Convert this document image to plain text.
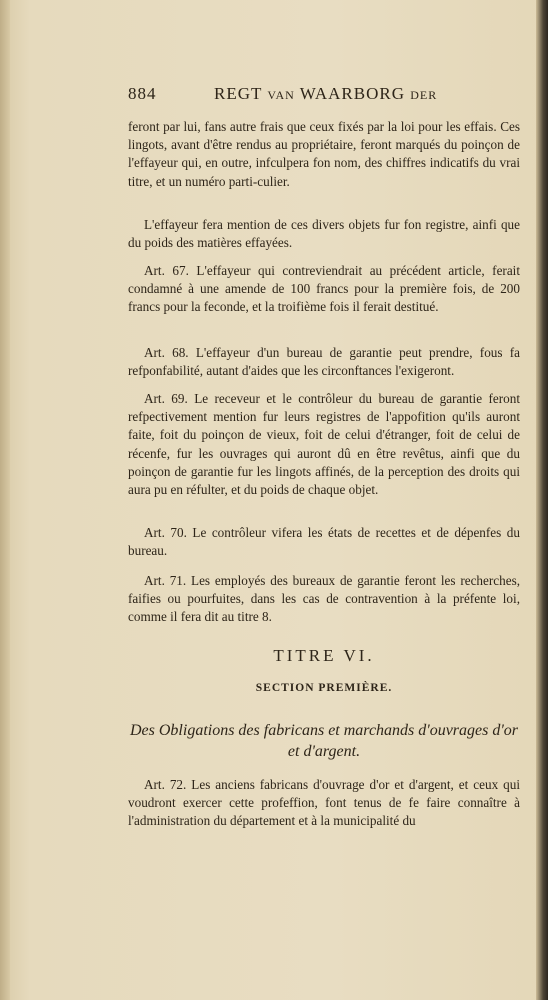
884	REGT van WAARBORG der

feront par lui, fans autre frais que ceux fixés par la loi pour les effais. Ces lingots, avant d'être rendus au propriétaire, feront marqués du poinçon de l'effayeur qui, en outre, infculpera fon nom, des chiffres indicatifs du vrai titre, et un numéro parti-culier.

L'effayeur fera mention de ces divers objets fur fon registre, ainfi que du poids des matières effayées.

Art. 67. L'effayeur qui contreviendrait au précédent article, ferait condamné à une amende de 100 francs pour la première fois, de 200 francs pour la feconde, et la troifième fois il ferait destitué.

Art. 68. L'effayeur d'un bureau de garantie peut prendre, fous fa refponfabilité, autant d'aides que les circonftances l'exigeront.

Art. 69. Le receveur et le contrôleur du bureau de garantie feront refpectivement mention fur leurs registres de l'appofition qu'ils auront faite, foit du poinçon de vieux, foit de celui d'étranger, foit de celui de récenfe, fur les ouvrages qui auront dû en être revêtus, ainfi que du poinçon de garantie fur les lingots affinés, de la perception des droits qui aura pu en réfulter, et du poids de chaque objet.

Art. 70. Le contrôleur vifera les états de recettes et de dépenfes du bureau.

Art. 71. Les employés des bureaux de garantie feront les recherches, faifies ou pourfuites, dans les cas de contravention à la préfente loi, comme il fera dit au titre 8.

TITRE VI.
SECTION PREMIÈRE.
Des Obligations des fabricans et marchands d'ouvrages d'or et d'argent.

Art. 72. Les anciens fabricans d'ouvrage d'or et d'argent, et ceux qui voudront exercer cette profeffion, font tenus de fe faire connaître à l'administration du département et à la municipalité du
